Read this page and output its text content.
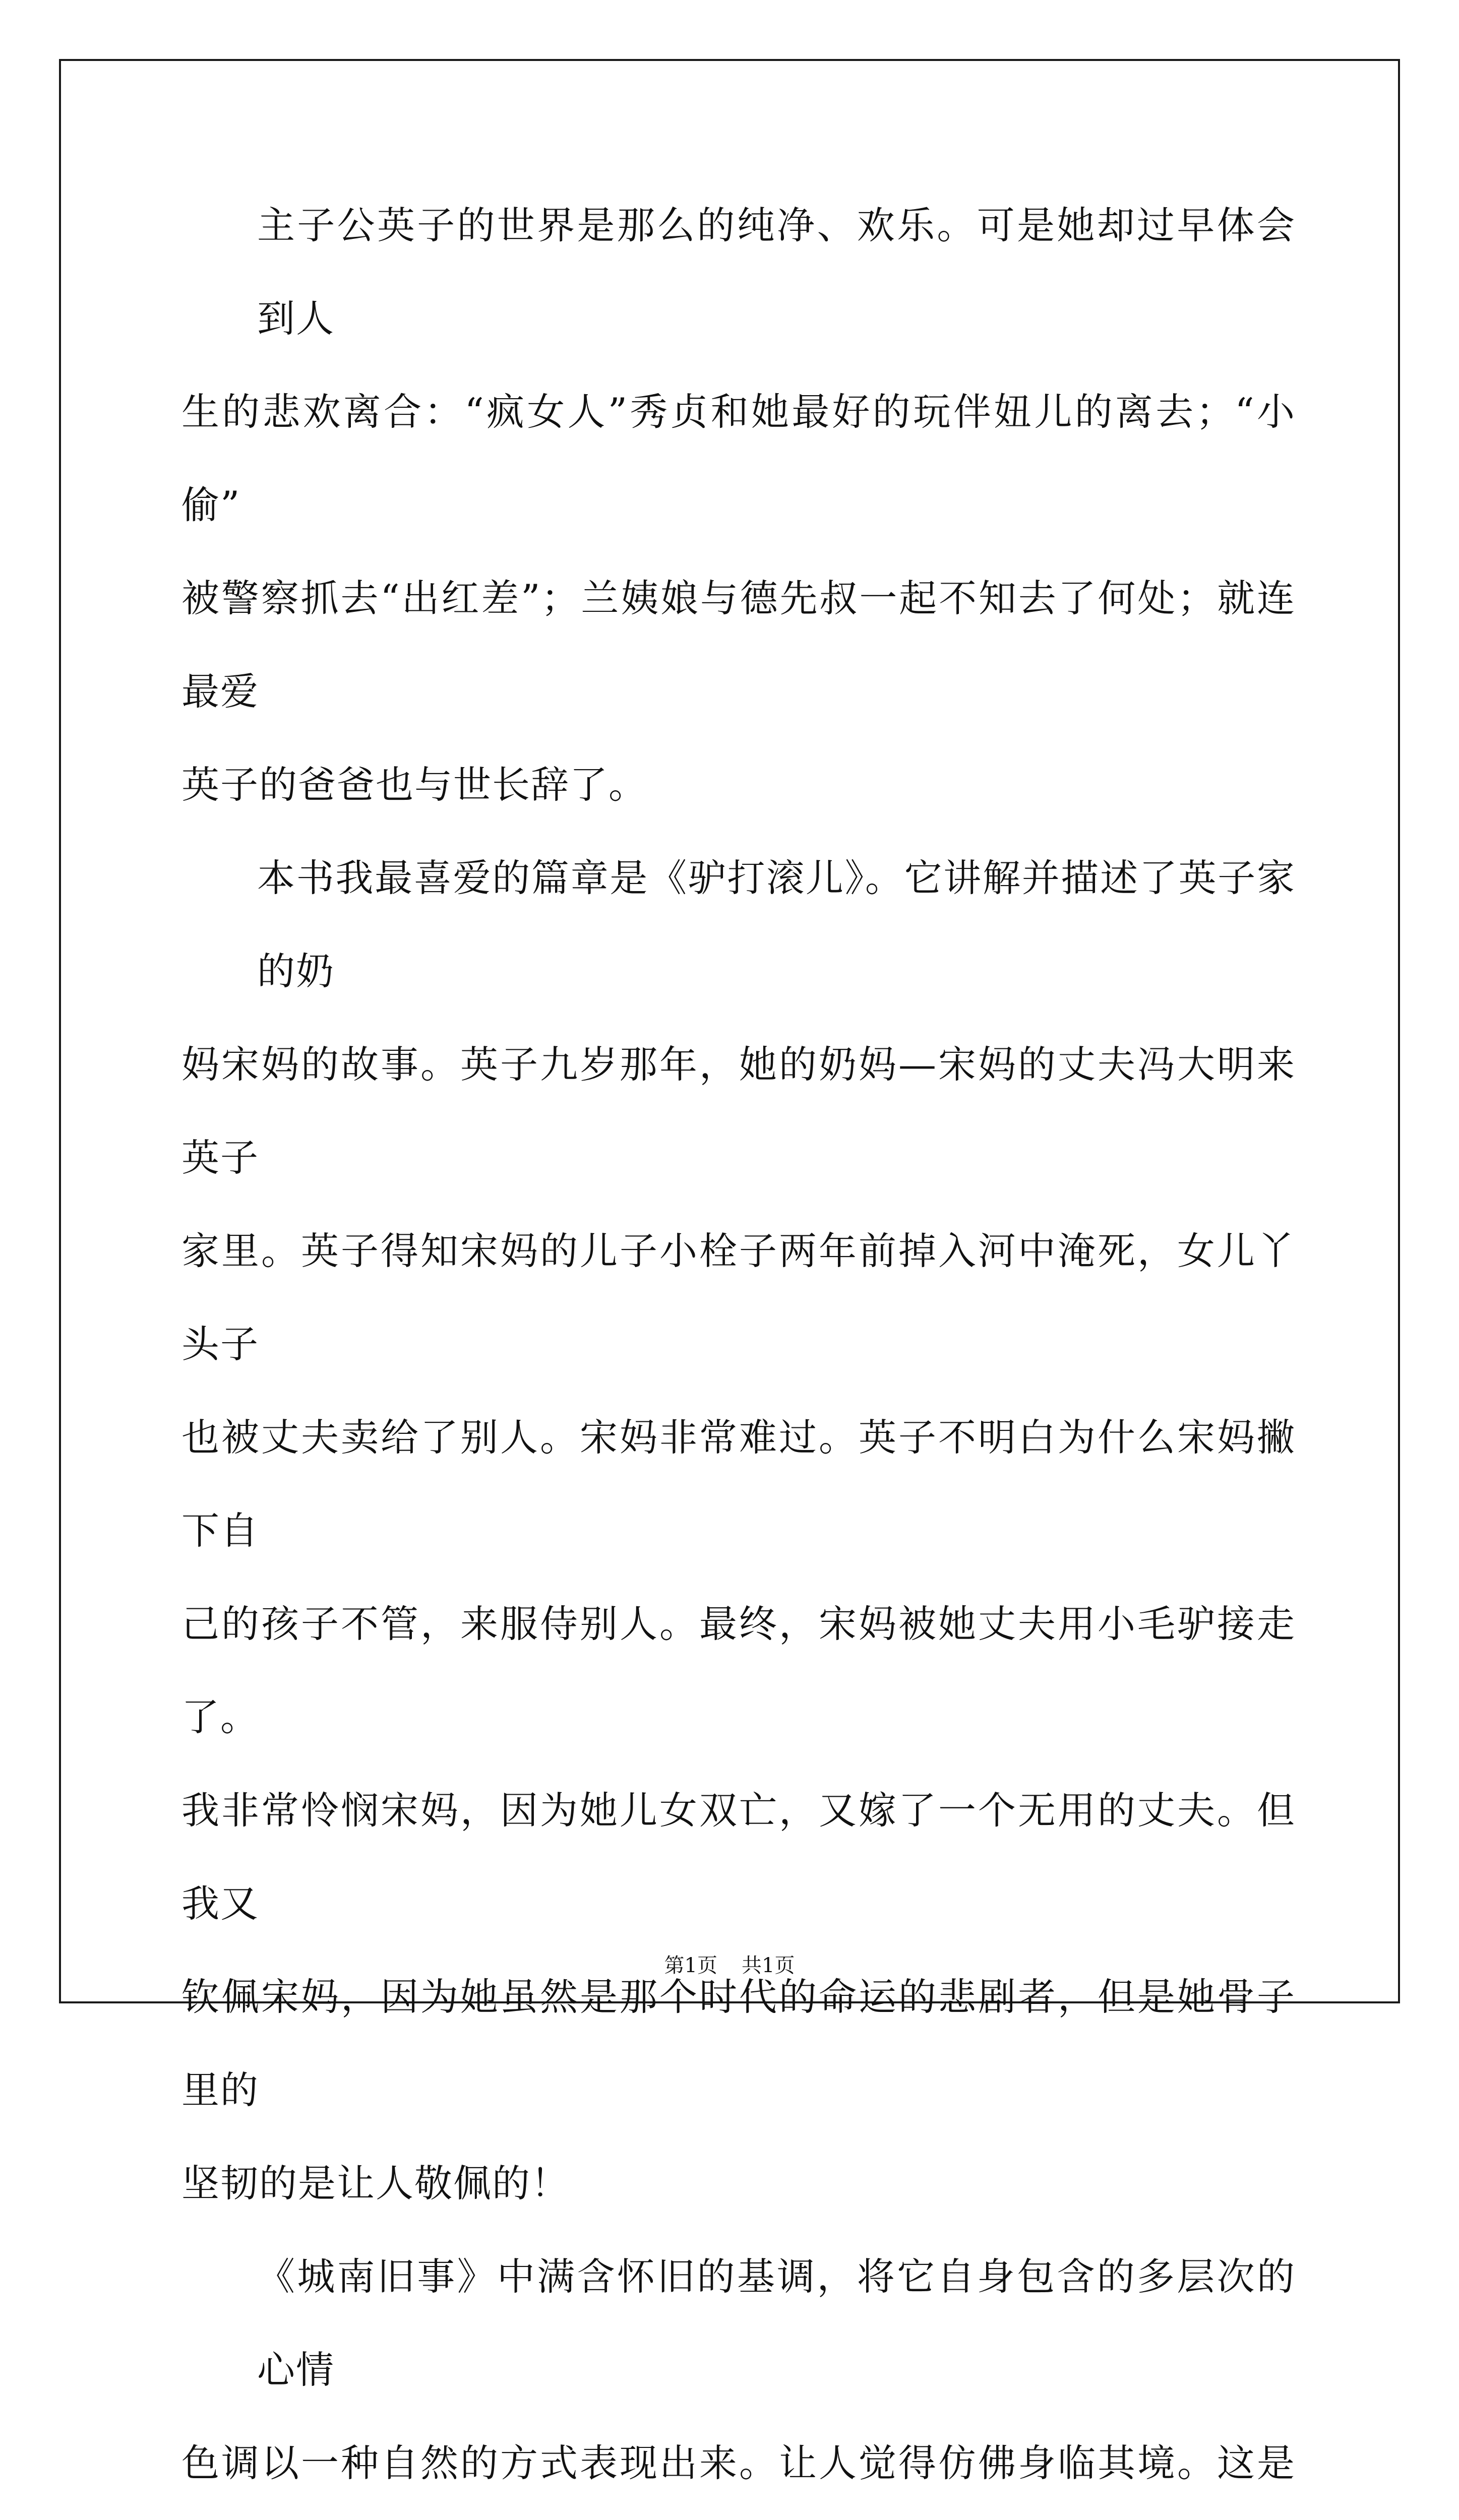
主子公英子的世界是那么的纯净、欢乐。可是她却过早体会到人
生的悲欢离合：“疯女人”秀贞和她最好的玩伴妞儿的离去；“小偷”
被警察抓去“出红差”；兰姨娘与德先叔一起不知去了何处；就连最爱
英子的爸爸也与世长辞了。
本书我最喜爱的篇章是《驴打滚儿》。它讲解并描述了英子家的奶
妈宋妈的故事。英子九岁那年，她的奶妈—宋妈的丈夫冯大明来英子
家里。英子得知宋妈的儿子小栓子两年前掉入河中淹死，女儿丫头子
也被丈夫卖给了别人。宋妈非常难过。英子不明白为什么宋妈撇下自
己的孩子不管，来服侍别人。最终，宋妈被她丈夫用小毛驴接走了。
我非常怜悯宋妈，因为她儿女双亡，又嫁了一个无用的丈夫。但我又
钦佩宋妈，因为她虽然是那个时代的命运的悲剧者，但是她骨子里的
坚韧的是让人敬佩的！
《城南旧事》中满含怀旧的基调，将它自身包含的多层次的心情
色调以一种自然的方式表现出来。让人觉得仿佛身临其境。这是
第1页 共1页
